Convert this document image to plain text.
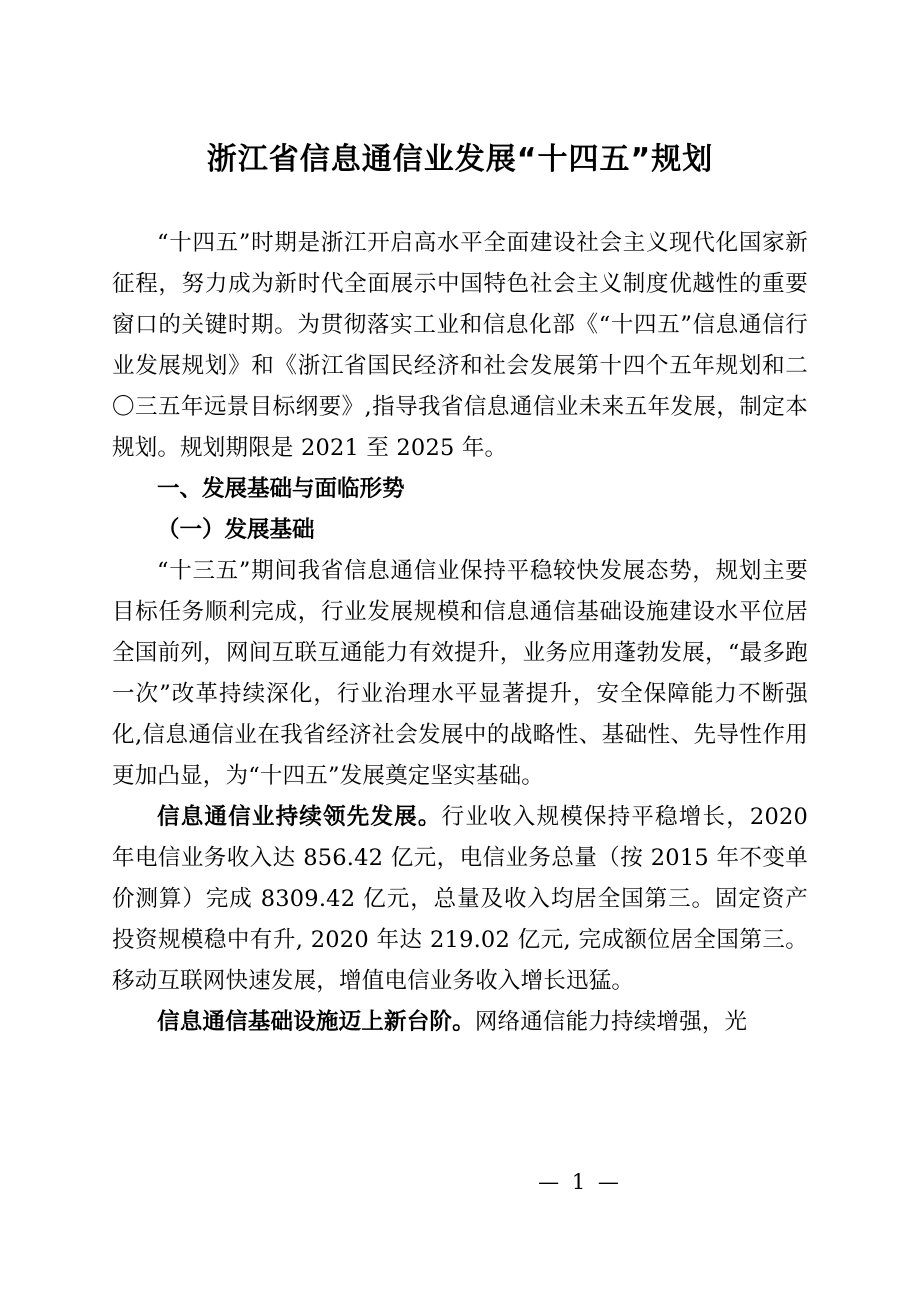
浙江省信息通信业发展“十四五”规划

“十四五”时期是浙江开启高水平全面建设社会主义现代化国家新征程，努力成为新时代全面展示中国特色社会主义制度优越性的重要窗口的关键时期。为贯彻落实工业和信息化部《“十四五”信息通信行业发展规划》和《浙江省国民经济和社会发展第十四个五年规划和二〇三五年远景目标纲要》,指导我省信息通信业未来五年发展，制定本规划。规划期限是 2021 至 2025 年。

一、发展基础与面临形势

（一）发展基础

“十三五”期间我省信息通信业保持平稳较快发展态势，规划主要目标任务顺利完成，行业发展规模和信息通信基础设施建设水平位居全国前列，网间互联互通能力有效提升，业务应用蓬勃发展，“最多跑一次”改革持续深化，行业治理水平显著提升，安全保障能力不断强化,信息通信业在我省经济社会发展中的战略性、基础性、先导性作用更加凸显，为“十四五”发展奠定坚实基础。

信息通信业持续领先发展。行业收入规模保持平稳增长，2020 年电信业务收入达 856.42 亿元，电信业务总量（按 2015 年不变单价测算）完成 8309.42 亿元，总量及收入均居全国第三。固定资产投资规模稳中有升, 2020 年达 219.02 亿元, 完成额位居全国第三。移动互联网快速发展，增值电信业务收入增长迅猛。

信息通信基础设施迈上新台阶。网络通信能力持续增强，光

— 1 —
